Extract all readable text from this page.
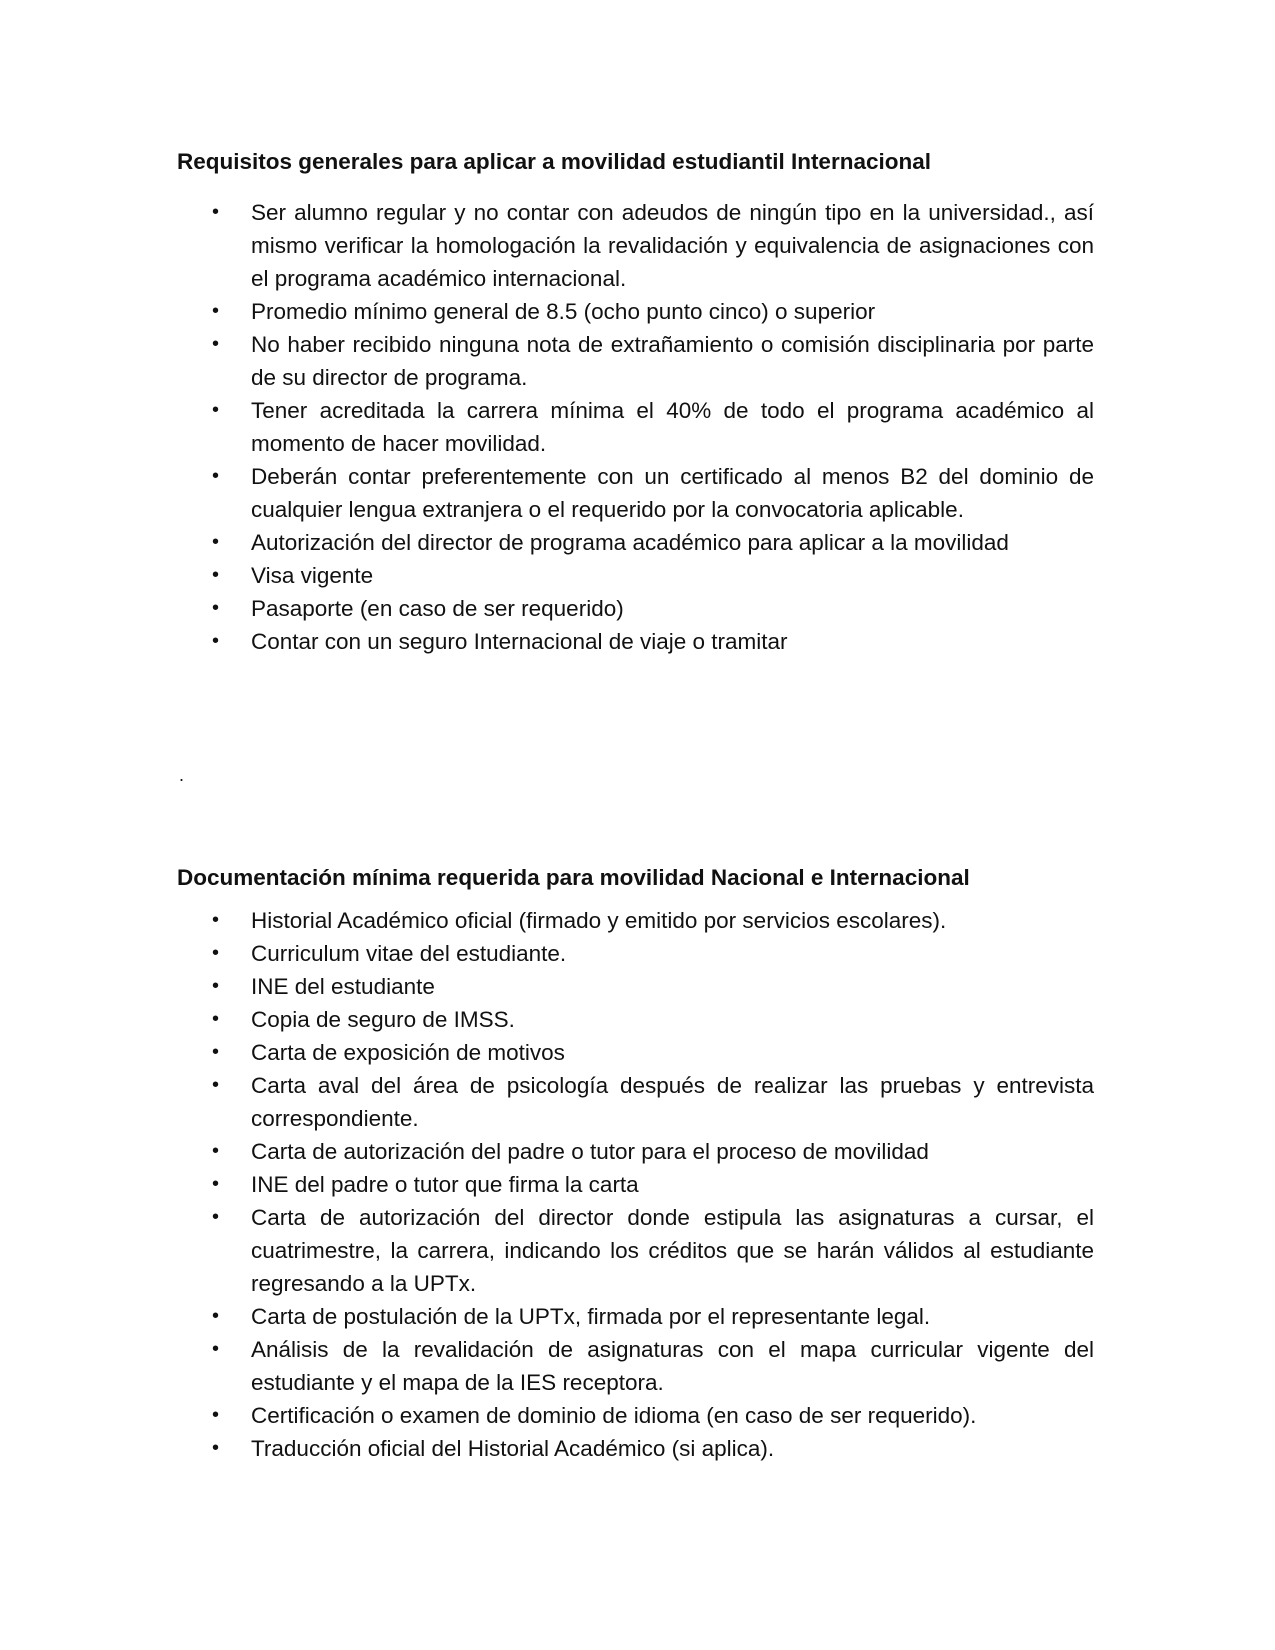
Requisitos generales para aplicar a movilidad estudiantil Internacional
• Ser alumno regular y no contar con adeudos de ningún tipo en la universidad., así mismo verificar la homologación la revalidación y equivalencia de asignaciones con el programa académico internacional.
• Promedio mínimo general de 8.5 (ocho punto cinco) o superior
• No haber recibido ninguna nota de extrañamiento o comisión disciplinaria por parte de su director de programa.
• Tener acreditada la carrera mínima el 40% de todo el programa académico al momento de hacer movilidad.
• Deberán contar preferentemente con un certificado al menos B2 del dominio de cualquier lengua extranjera o el requerido por la convocatoria aplicable.
• Autorización del director de programa académico para aplicar a la movilidad
• Visa vigente
• Pasaporte (en caso de ser requerido)
• Contar con un seguro Internacional de viaje o tramitar
.
Documentación mínima requerida para movilidad Nacional e Internacional
• Historial Académico oficial (firmado y emitido por servicios escolares).
• Curriculum vitae del estudiante.
• INE del estudiante
• Copia de seguro de IMSS.
• Carta de exposición de motivos
• Carta aval del área de psicología después de realizar las pruebas y entrevista correspondiente.
• Carta de autorización del padre o tutor para el proceso de movilidad
• INE del padre o tutor que firma la carta
• Carta de autorización del director donde estipula las asignaturas a cursar, el cuatrimestre, la carrera, indicando los créditos que se harán válidos al estudiante regresando a la UPTx.
• Carta de postulación de la UPTx, firmada por el representante legal.
• Análisis de la revalidación de asignaturas con el mapa curricular vigente del estudiante y el mapa de la IES receptora.
• Certificación o examen de dominio de idioma (en caso de ser requerido).
• Traducción oficial del Historial Académico (si aplica).
